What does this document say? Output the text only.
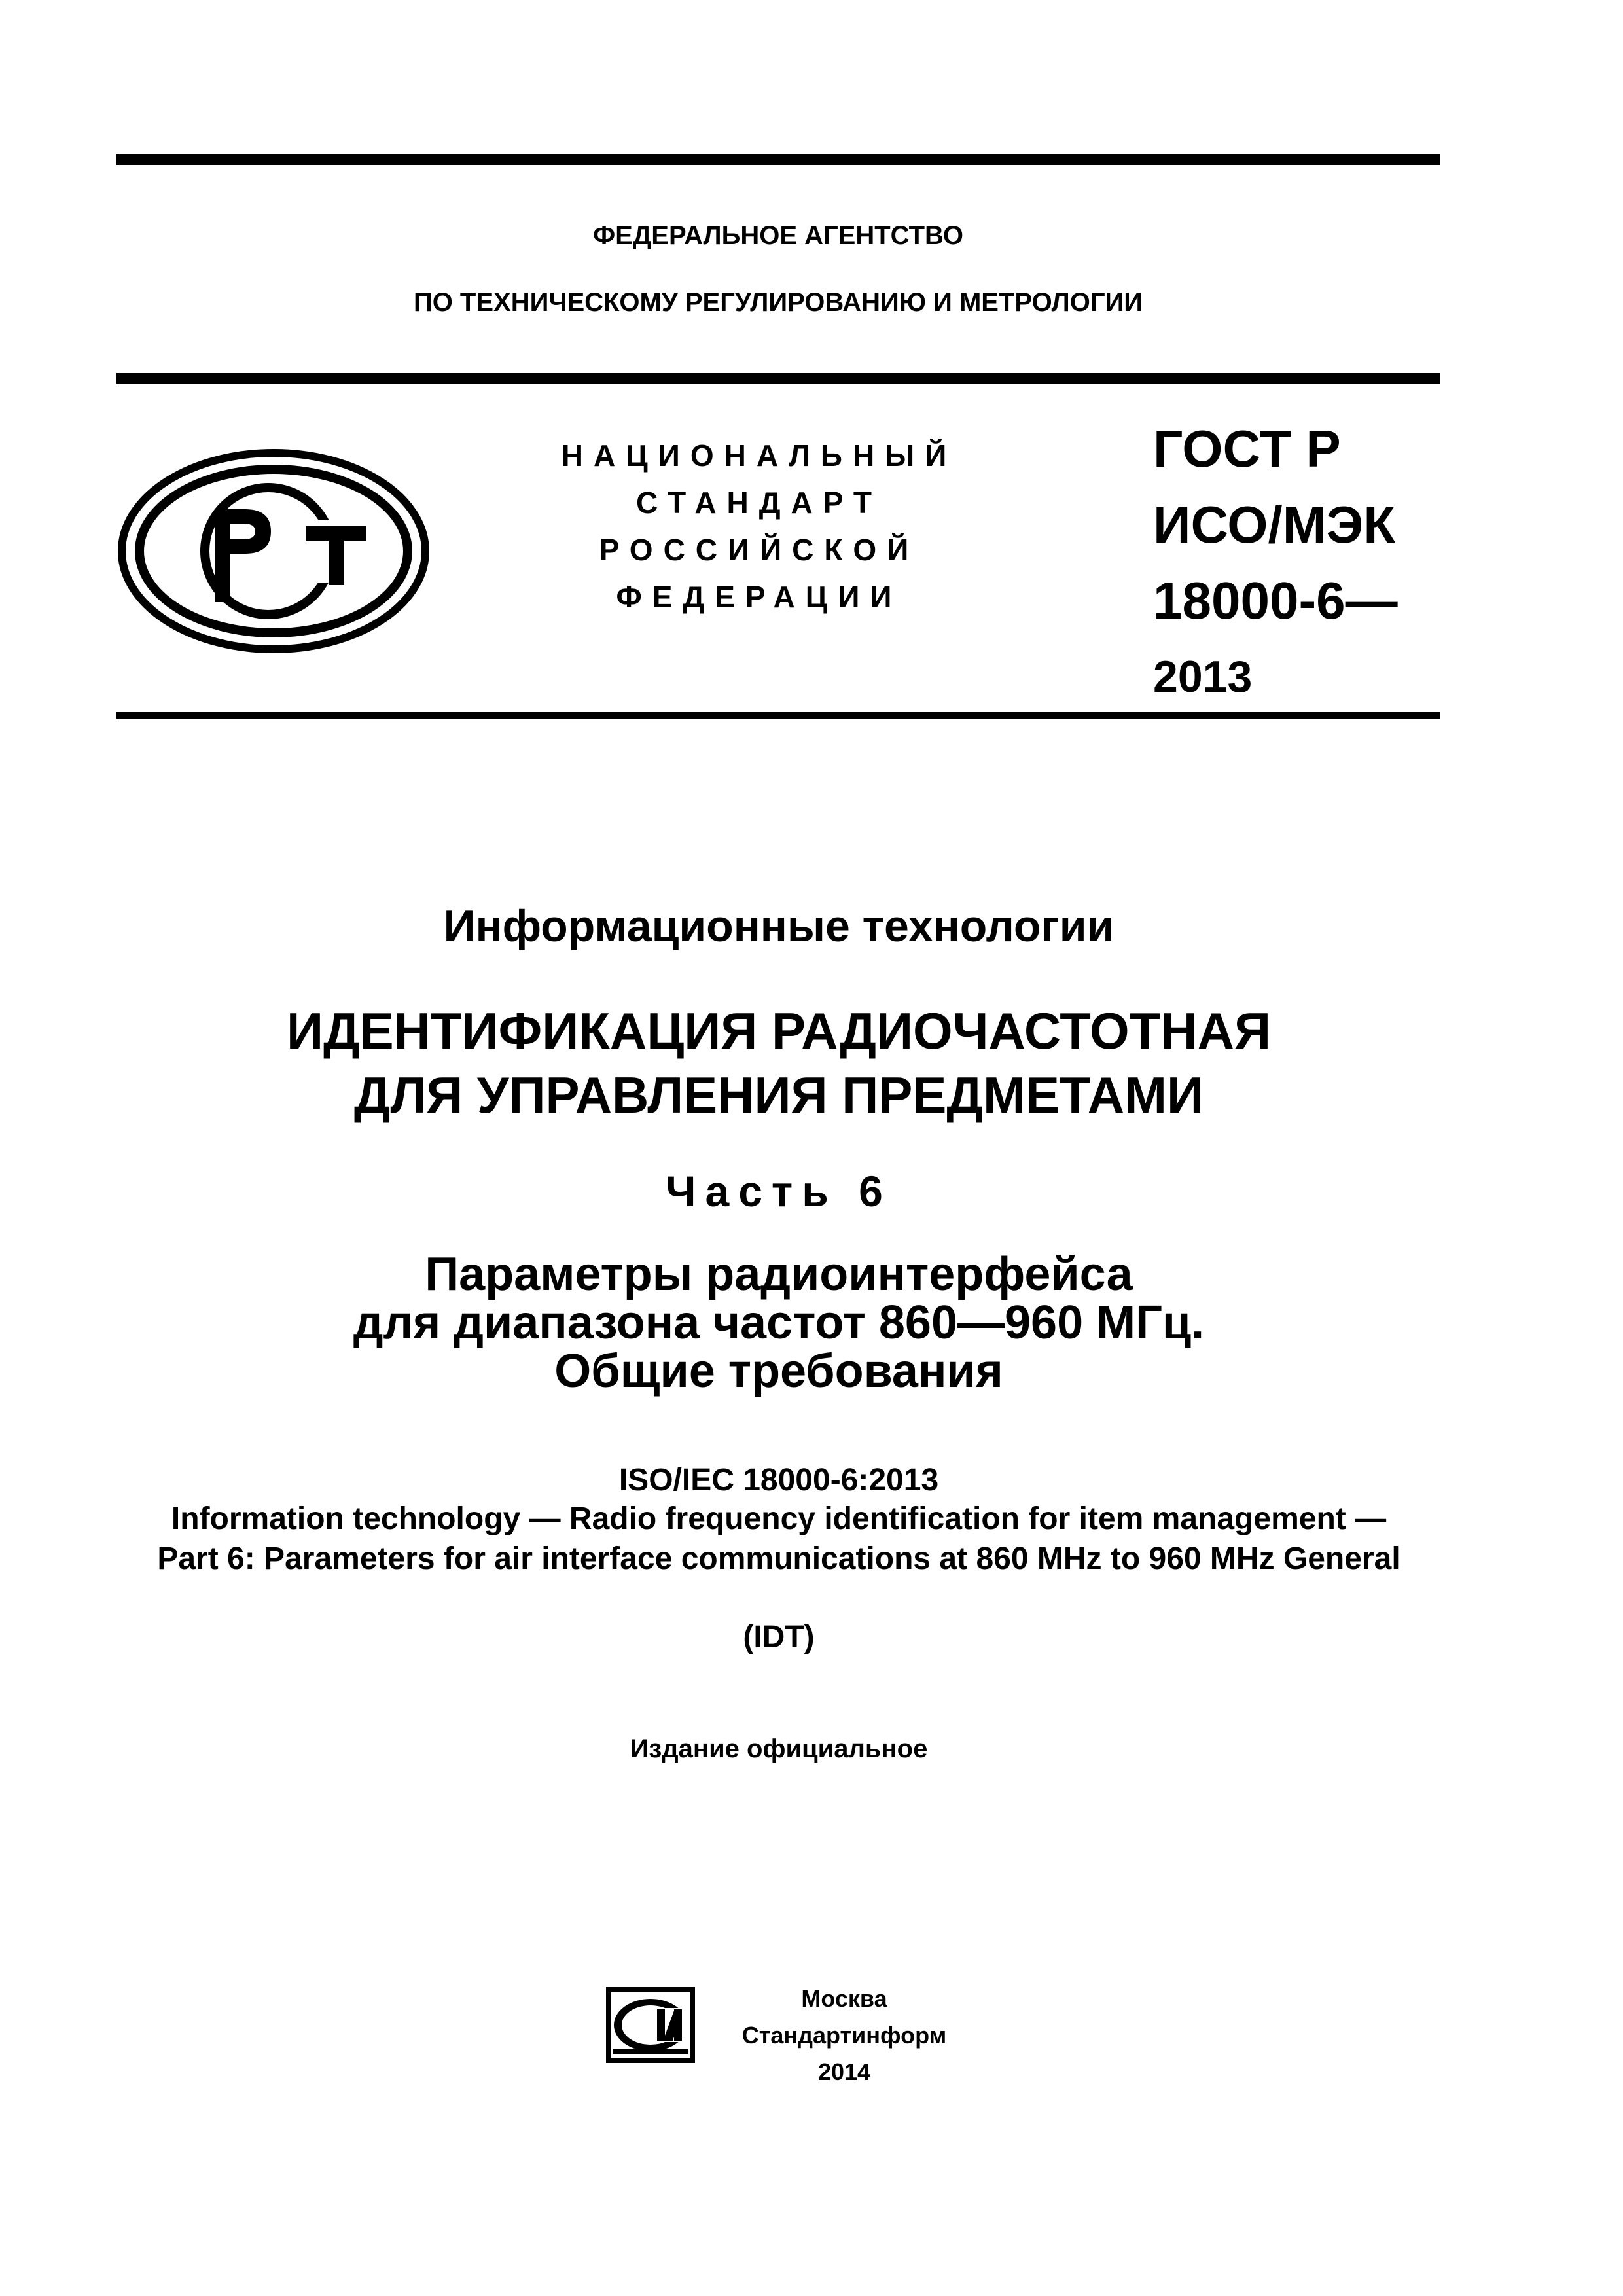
ФЕДЕРАЛЬНОЕ АГЕНТСТВО
ПО ТЕХНИЧЕСКОМУ РЕГУЛИРОВАНИЮ И МЕТРОЛОГИИ
НАЦИОНАЛЬНЫЙ
СТАНДАРТ
РОССИЙСКОЙ
ФЕДЕРАЦИИ
ГОСТ Р
ИСО/МЭК
18000-6—
2013
Информационные технологии
ИДЕНТИФИКАЦИЯ РАДИОЧАСТОТНАЯ
ДЛЯ УПРАВЛЕНИЯ ПРЕДМЕТАМИ
Часть 6
Параметры радиоинтерфейса
для диапазона частот 860—960 МГц.
Общие требования
ISO/IEC 18000-6:2013
Information technology — Radio frequency identification for item management —
Part 6: Parameters for air interface communications at 860 MHz to 960 MHz General
(IDT)
Издание официальное
Москва
Стандартинформ
2014
